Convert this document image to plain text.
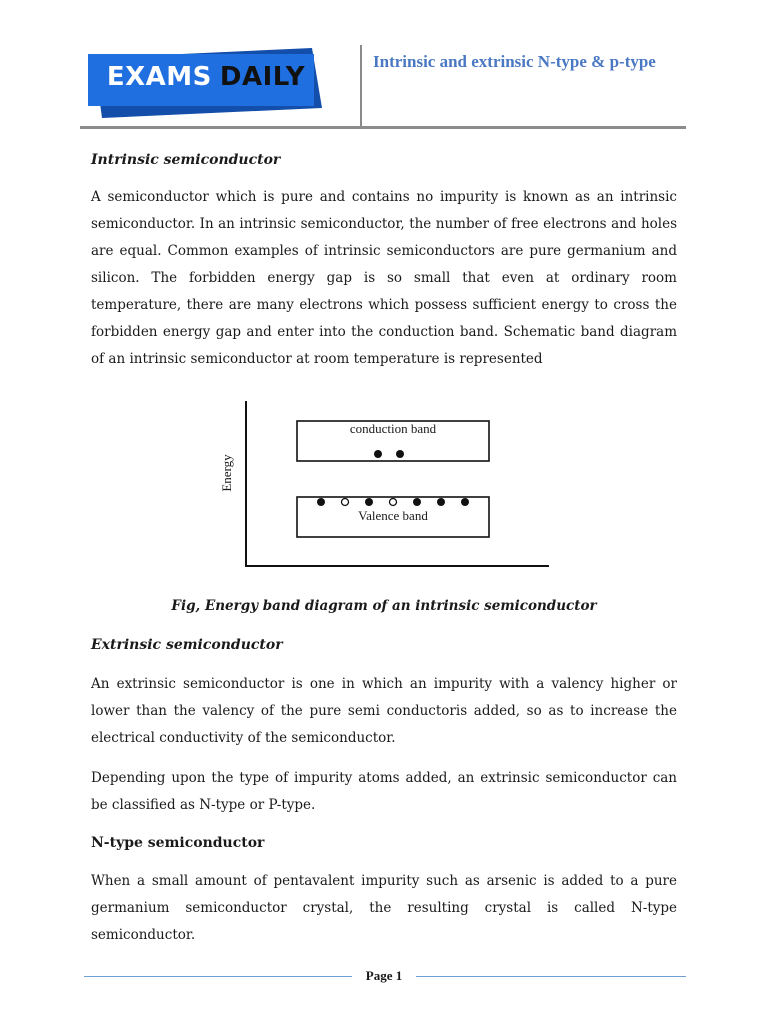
EXAMS DAILY
Intrinsic and extrinsic N-type & p-type

Intrinsic semiconductor

A semiconductor which is pure and contains no impurity is known as an intrinsic semiconductor. In an intrinsic semiconductor, the number of free electrons and holes are equal. Common examples of intrinsic semiconductors are pure germanium and silicon. The forbidden energy gap is so small that even at ordinary room temperature, there are many electrons which possess sufficient energy to cross the forbidden energy gap and enter into the conduction band. Schematic band diagram of an intrinsic semiconductor at room temperature is represented

Energy
conduction band
Valence band

Fig, Energy band diagram of an intrinsic semiconductor

Extrinsic semiconductor

An extrinsic semiconductor is one in which an impurity with a valency higher or lower than the valency of the pure semi conductoris added, so as to increase the electrical conductivity of the semiconductor.

Depending upon the type of impurity atoms added, an extrinsic semiconductor can be classified as N-type or P-type.

N-type semiconductor

When a small amount of pentavalent impurity such as arsenic is added to a pure germanium semiconductor crystal, the resulting crystal is called N-type semiconductor.

Page 1
